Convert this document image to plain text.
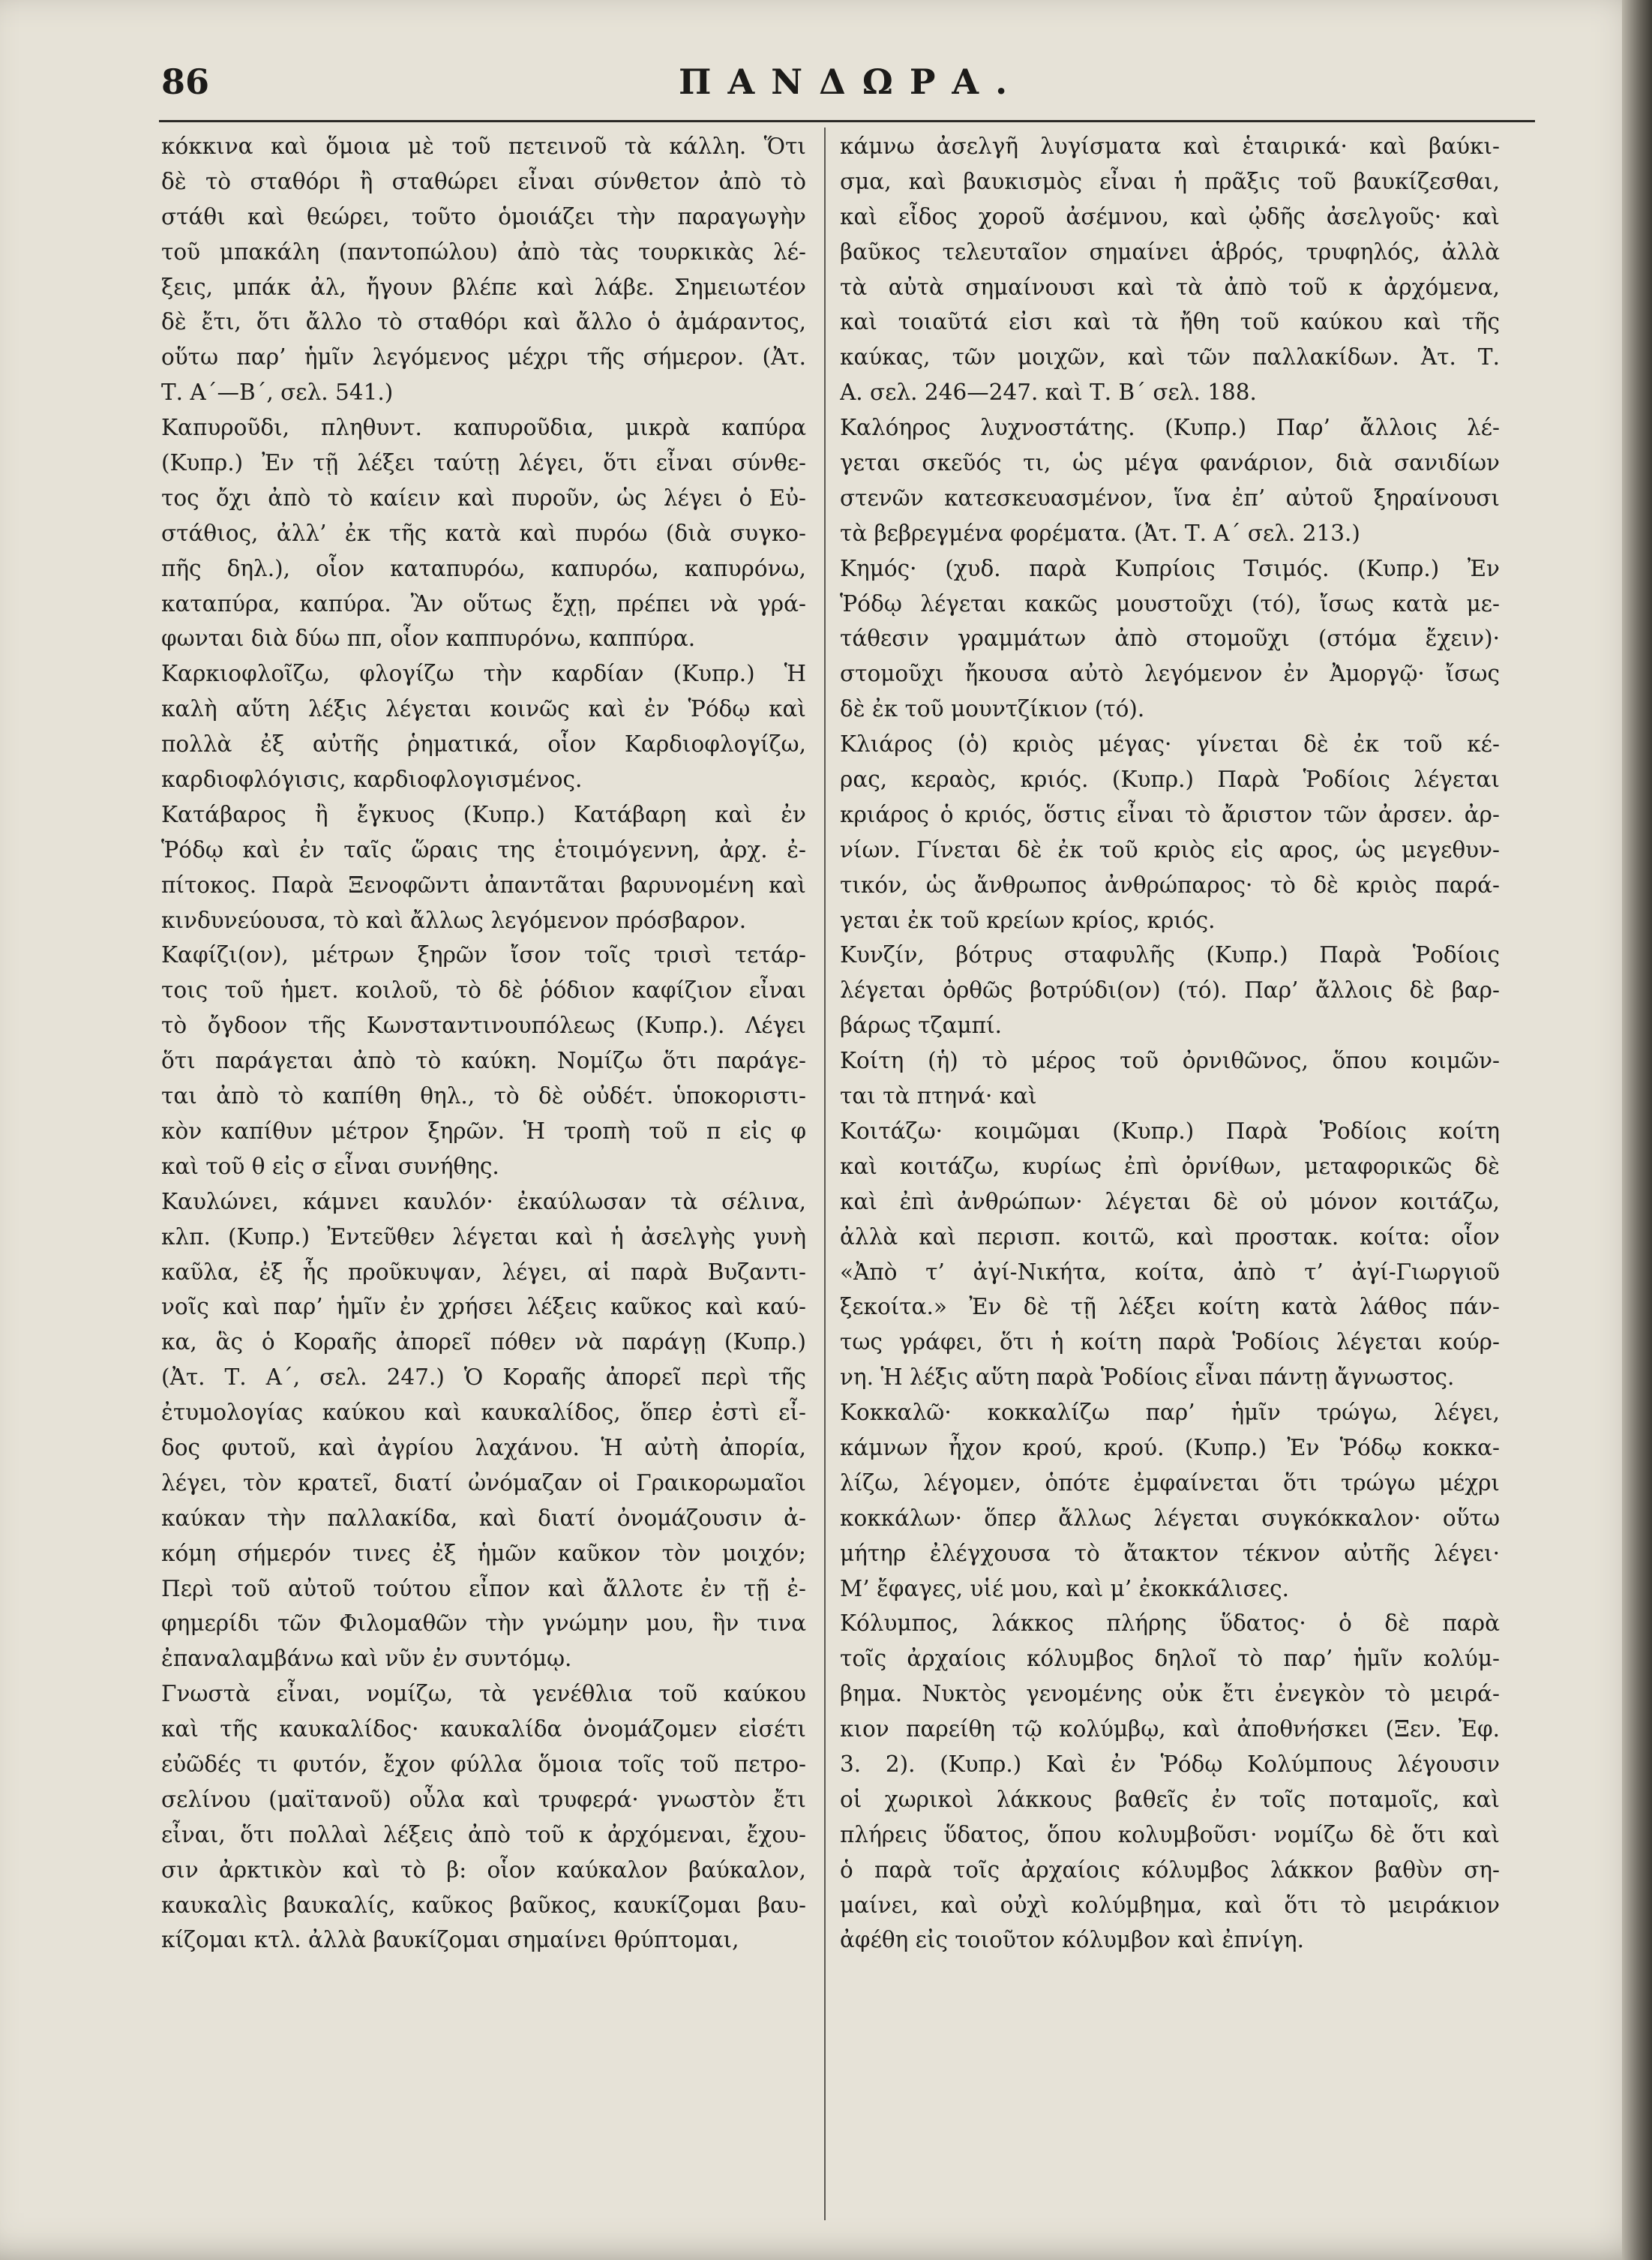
86	ΠΑΝΔΩΡΑ.
κόκκινα καὶ ὅμοια μὲ τοῦ πετεινοῦ τὰ κάλλη. Ὅτι
δὲ τὸ σταθόρι ἢ σταθώρει εἶναι σύνθετον ἀπὸ τὸ
στάθι καὶ θεώρει, τοῦτο ὁμοιάζει τὴν παραγωγὴν
τοῦ μπακάλη (παντοπώλου) ἀπὸ τὰς τουρκικὰς λέ-
ξεις, μπάκ ἀλ, ἤγουν βλέπε καὶ λάβε. Σημειωτέον
δὲ ἔτι, ὅτι ἄλλο τὸ σταθόρι καὶ ἄλλο ὁ ἀμάραντος,
οὕτω παρ’ ἡμῖν λεγόμενος μέχρι τῆς σήμερον. (Ἀτ.
Τ. Α΄—Β΄, σελ. 541.)
Καπυροῦδι, πληθυντ. καπυροῦδια, μικρὰ καπύρα
(Κυπρ.) Ἐν τῇ λέξει ταύτῃ λέγει, ὅτι εἶναι σύνθε-
τος ὄχι ἀπὸ τὸ καίειν καὶ πυροῦν, ὡς λέγει ὁ Εὐ-
στάθιος, ἀλλ’ ἐκ τῆς κατὰ καὶ πυρόω (διὰ συγκο-
πῆς δηλ.), οἷον καταπυρόω, καπυρόω, καπυρόνω,
καταπύρα, καπύρα. Ἂν οὕτως ἔχῃ, πρέπει νὰ γρά-
φωνται διὰ δύω ππ, οἷον καππυρόνω, καππύρα.
Καρκιοφλοῖζω, φλογίζω τὴν καρδίαν (Κυπρ.) Ἡ
καλὴ αὕτη λέξις λέγεται κοινῶς καὶ ἐν Ῥόδῳ καὶ
πολλὰ ἐξ αὐτῆς ῥηματικά, οἷον Καρδιοφλογίζω,
καρδιοφλόγισις, καρδιοφλογισμένος.
Κατάβαρος ἢ ἔγκυος (Κυπρ.) Κατάβαρη καὶ ἐν
Ῥόδῳ καὶ ἐν ταῖς ὥραις της ἑτοιμόγεννη, ἀρχ. ἐ-
πίτοκος. Παρὰ Ξενοφῶντι ἀπαντᾶται βαρυνομένη καὶ
κινδυνεύουσα, τὸ καὶ ἄλλως λεγόμενον πρόσβαρον.
Καφίζι(ον), μέτρων ξηρῶν ἴσον τοῖς τρισὶ τετάρ-
τοις τοῦ ἡμετ. κοιλοῦ, τὸ δὲ ῥόδιον καφίζιον εἶναι
τὸ ὄγδοον τῆς Κωνσταντινουπόλεως (Κυπρ.). Λέγει
ὅτι παράγεται ἀπὸ τὸ καύκη. Νομίζω ὅτι παράγε-
ται ἀπὸ τὸ καπίθη θηλ., τὸ δὲ οὐδέτ. ὑποκοριστι-
κὸν καπίθυν μέτρον ξηρῶν. Ἡ τροπὴ τοῦ π εἰς φ
καὶ τοῦ θ εἰς σ εἶναι συνήθης.
Καυλώνει, κάμνει καυλόν· ἐκαύλωσαν τὰ σέλινα,
κλπ. (Κυπρ.) Ἐντεῦθεν λέγεται καὶ ἡ ἀσελγὴς γυνὴ
καῦλα, ἐξ ἧς προῦκυψαν, λέγει, αἱ παρὰ Βυζαντι-
νοῖς καὶ παρ’ ἡμῖν ἐν χρήσει λέξεις καῦκος καὶ καύ-
κα, ἃς ὁ Κοραῆς ἀπορεῖ πόθεν νὰ παράγῃ (Κυπρ.)
(Ἀτ. Τ. Α΄, σελ. 247.) Ὁ Κοραῆς ἀπορεῖ περὶ τῆς
ἐτυμολογίας καύκου καὶ καυκαλίδος, ὅπερ ἐστὶ εἶ-
δος φυτοῦ, καὶ ἀγρίου λαχάνου. Ἡ αὐτὴ ἀπορία,
λέγει, τὸν κρατεῖ, διατί ὠνόμαζαν οἱ Γραικορωμαῖοι
καύκαν τὴν παλλακίδα, καὶ διατί ὀνομάζουσιν ἀ-
κόμη σήμερόν τινες ἐξ ἡμῶν καῦκον τὸν μοιχόν;
Περὶ τοῦ αὐτοῦ τούτου εἶπον καὶ ἄλλοτε ἐν τῇ ἐ-
φημερίδι τῶν Φιλομαθῶν τὴν γνώμην μου, ἣν τινα
ἐπαναλαμβάνω καὶ νῦν ἐν συντόμῳ.
Γνωστὰ εἶναι, νομίζω, τὰ γενέθλια τοῦ καύκου
καὶ τῆς καυκαλίδος· καυκαλίδα ὀνομάζομεν εἰσέτι
εὐῶδές τι φυτόν, ἔχον φύλλα ὅμοια τοῖς τοῦ πετρο-
σελίνου (μαϊτανοῦ) οὖλα καὶ τρυφερά· γνωστὸν ἔτι
εἶναι, ὅτι πολλαὶ λέξεις ἀπὸ τοῦ κ ἀρχόμεναι, ἔχου-
σιν ἀρκτικὸν καὶ τὸ β: οἷον καύκαλον βαύκαλον,
καυκαλὶς βαυκαλίς, καῦκος βαῦκος, καυκίζομαι βαυ-
κίζομαι κτλ. ἀλλὰ βαυκίζομαι σημαίνει θρύπτομαι,
κάμνω ἀσελγῆ λυγίσματα καὶ ἑταιρικά· καὶ βαύκι-
σμα, καὶ βαυκισμὸς εἶναι ἡ πρᾶξις τοῦ βαυκίζεσθαι,
καὶ εἶδος χοροῦ ἀσέμνου, καὶ ᾠδῆς ἀσελγοῦς· καὶ
βαῦκος τελευταῖον σημαίνει ἁβρός, τρυφηλός, ἀλλὰ
τὰ αὐτὰ σημαίνουσι καὶ τὰ ἀπὸ τοῦ κ ἀρχόμενα,
καὶ τοιαῦτά εἰσι καὶ τὰ ἤθη τοῦ καύκου καὶ τῆς
καύκας, τῶν μοιχῶν, καὶ τῶν παλλακίδων. Ἀτ. Τ.
Α. σελ. 246—247. καὶ Τ. Β΄ σελ. 188.
Καλόηρος λυχνοστάτης. (Κυπρ.) Παρ’ ἄλλοις λέ-
γεται σκεῦός τι, ὡς μέγα φανάριον, διὰ σανιδίων
στενῶν κατεσκευασμένον, ἵνα ἐπ’ αὐτοῦ ξηραίνουσι
τὰ βεβρεγμένα φορέματα. (Ἀτ. Τ. Α΄ σελ. 213.)
Κημός· (χυδ. παρὰ Κυπρίοις Τσιμός. (Κυπρ.) Ἐν
Ῥόδῳ λέγεται κακῶς μουστοῦχι (τό), ἴσως κατὰ με-
τάθεσιν γραμμάτων ἀπὸ στομοῦχι (στόμα ἔχειν)·
στομοῦχι ἤκουσα αὐτὸ λεγόμενον ἐν Ἀμοργῷ· ἴσως
δὲ ἐκ τοῦ μουντζίκιον (τό).
Κλιάρος (ὁ) κριὸς μέγας· γίνεται δὲ ἐκ τοῦ κέ-
ρας, κεραὸς, κριός. (Κυπρ.) Παρὰ Ῥοδίοις λέγεται
κριάρος ὁ κριός, ὅστις εἶναι τὸ ἄριστον τῶν ἀρσεν. ἀρ-
νίων. Γίνεται δὲ ἐκ τοῦ κριὸς εἰς αρος, ὡς μεγεθυν-
τικόν, ὡς ἄνθρωπος ἀνθρώπαρος· τὸ δὲ κριὸς παρά-
γεται ἐκ τοῦ κρείων κρίος, κριός.
Κυνζίν, βότρυς σταφυλῆς (Κυπρ.) Παρὰ Ῥοδίοις
λέγεται ὀρθῶς βοτρύδι(ον) (τό). Παρ’ ἄλλοις δὲ βαρ-
βάρως τζαμπί.
Κοίτη (ἡ) τὸ μέρος τοῦ ὀρνιθῶνος, ὅπου κοιμῶν-
ται τὰ πτηνά· καὶ
Κοιτάζω· κοιμῶμαι (Κυπρ.) Παρὰ Ῥοδίοις κοίτη
καὶ κοιτάζω, κυρίως ἐπὶ ὀρνίθων, μεταφορικῶς δὲ
καὶ ἐπὶ ἀνθρώπων· λέγεται δὲ οὐ μόνον κοιτάζω,
ἀλλὰ καὶ περισπ. κοιτῶ, καὶ προστακ. κοίτα: οἷον
«Ἀπὸ τ’ ἀγί-Νικήτα, κοίτα, ἀπὸ τ’ ἀγί-Γιωργιοῦ
ξεκοίτα.» Ἐν δὲ τῇ λέξει κοίτη κατὰ λάθος πάν-
τως γράφει, ὅτι ἡ κοίτη παρὰ Ῥοδίοις λέγεται κούρ-
νη. Ἡ λέξις αὕτη παρὰ Ῥοδίοις εἶναι πάντῃ ἄγνωστος.
Κοκκαλῶ· κοκκαλίζω παρ’ ἡμῖν τρώγω, λέγει,
κάμνων ἦχον κρού, κρού. (Κυπρ.) Ἐν Ῥόδῳ κοκκα-
λίζω, λέγομεν, ὁπότε ἐμφαίνεται ὅτι τρώγω μέχρι
κοκκάλων· ὅπερ ἄλλως λέγεται συγκόκκαλον· οὕτω
μήτηρ ἐλέγχουσα τὸ ἄτακτον τέκνον αὐτῆς λέγει·
Μ’ ἔφαγες, υἱέ μου, καὶ μ’ ἐκοκκάλισες.
Κόλυμπος, λάκκος πλήρης ὕδατος· ὁ δὲ παρὰ
τοῖς ἀρχαίοις κόλυμβος δηλοῖ τὸ παρ’ ἡμῖν κολύμ-
βημα. Νυκτὸς γενομένης οὐκ ἔτι ἐνεγκὸν τὸ μειρά-
κιον παρείθη τῷ κολύμβῳ, καὶ ἀποθνήσκει (Ξεν. Ἐφ.
3. 2). (Κυπρ.) Καὶ ἐν Ῥόδῳ Κολύμπους λέγουσιν
οἱ χωρικοὶ λάκκους βαθεῖς ἐν τοῖς ποταμοῖς, καὶ
πλήρεις ὕδατος, ὅπου κολυμβοῦσι· νομίζω δὲ ὅτι καὶ
ὁ παρὰ τοῖς ἀρχαίοις κόλυμβος λάκκον βαθὺν ση-
μαίνει, καὶ οὐχὶ κολύμβημα, καὶ ὅτι τὸ μειράκιον
ἀφέθη εἰς τοιοῦτον κόλυμβον καὶ ἐπνίγη.
